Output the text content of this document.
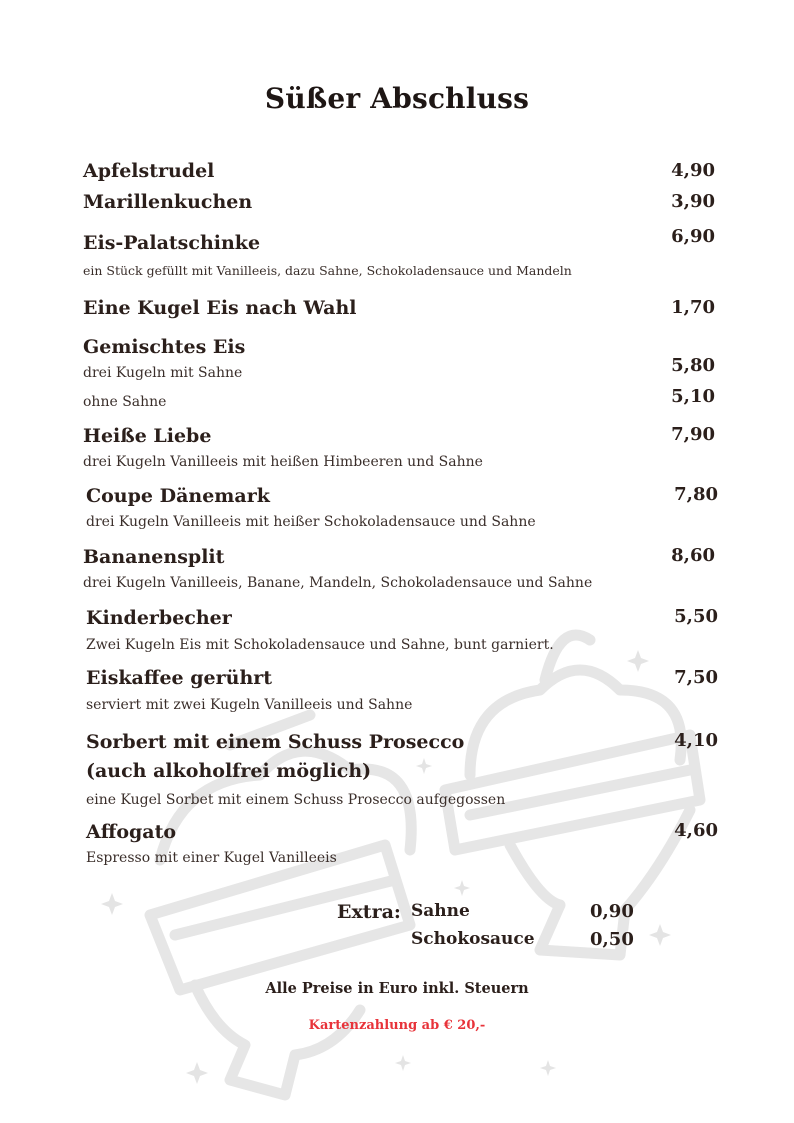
Süßer Abschluss
Apfelstrudel	4,90
Marillenkuchen	3,90
Eis-Palatschinke	6,90
ein Stück gefüllt mit Vanilleeis, dazu Sahne, Schokoladensauce und Mandeln
Eine Kugel Eis nach Wahl	1,70
Gemischtes Eis
drei Kugeln mit Sahne	5,80
ohne Sahne	5,10
Heiße Liebe	7,90
drei Kugeln Vanilleeis mit heißen Himbeeren und Sahne
Coupe Dänemark	7,80
drei Kugeln Vanilleeis mit heißer Schokoladensauce und Sahne
Bananensplit	8,60
drei Kugeln Vanilleeis, Banane, Mandeln, Schokoladensauce und Sahne
Kinderbecher	5,50
Zwei Kugeln Eis mit Schokoladensauce und Sahne, bunt garniert.
Eiskaffee gerührt	7,50
serviert mit zwei Kugeln Vanilleeis und Sahne
Sorbert mit einem Schuss Prosecco	4,10
(auch alkoholfrei möglich)
eine Kugel Sorbet mit einem Schuss Prosecco aufgegossen
Affogato	4,60
Espresso mit einer Kugel Vanilleeis
Extra: Sahne	0,90
Schokosauce	0,50
Alle Preise in Euro inkl. Steuern
Kartenzahlung ab € 20,-
